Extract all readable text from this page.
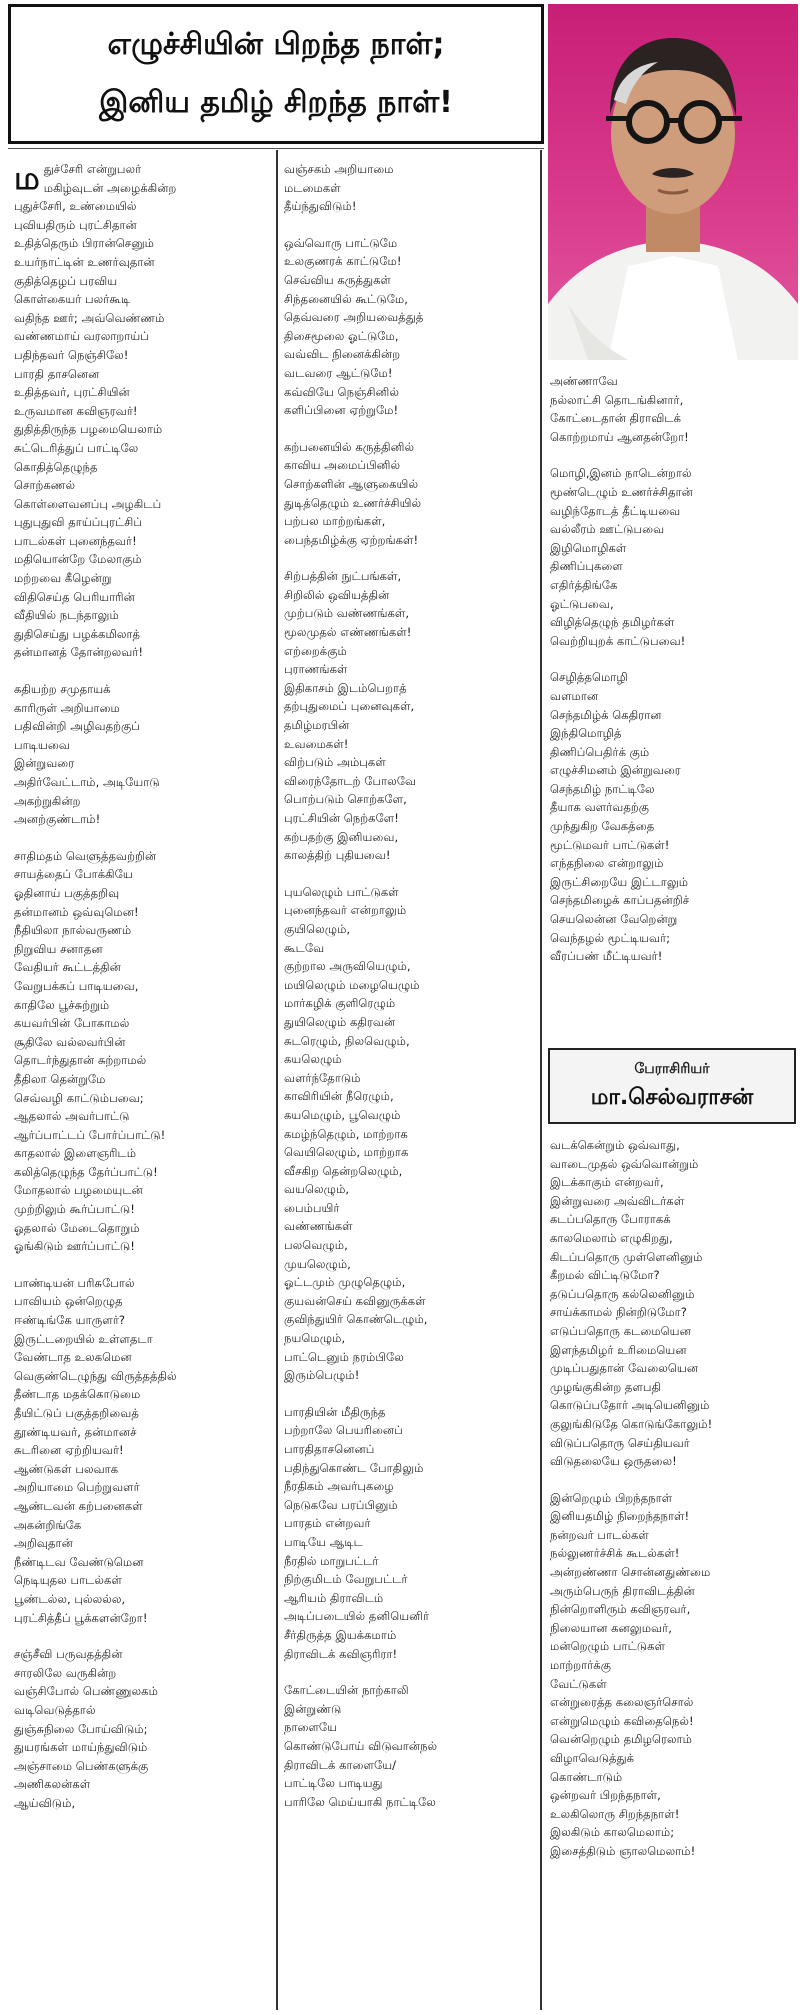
எழுச்சியின் பிறந்த நாள்;
இனிய தமிழ் சிறந்த நாள்!

மதுச்சேரி என்றுபலர்
மகிழ்வுடன் அழைக்கின்ற
புதுச்சேரி, உண்மையில்
புவியதிரும் புரட்சிதான்
உதித்தெரும் பிரான்செனும்
உயர்நாட்டின் உணர்வுதான்
குதித்தெழப் பரவிய
கொள்கையர் பலர்கூடி
வதிந்த ஊர்; அவ்வெண்ணம்
வண்ணமாய் வரலாறாய்ப்
பதிந்தவர் நெஞ்சிலே!
பாரதி தாசனென
உதித்தவர், புரட்சியின்
உருவமான கவிஞரவர்!
துதித்திருந்த பழமையெலாம்
சுட்டெரித்துப் பாட்டிலே
கொதித்தெழுந்த
சொற்கணல்
கொள்ளைவனப்பு அழகிடப்
புதுபுதுவி தாய்ப்புரட்சிப்
பாடல்கள் புனைந்தவர்!
மதியொன்றே மேலாகும்
மற்றவை கீழென்று
விதிசெய்த பெரியாரின்
வீதியில் நடந்தாலும்
துதிசெய்து பழக்கமிலாத்
தன்மானத் தோன்றலவர்!

கதியற்ற சமுதாயக்
காரிருள் அறியாமை
பதிவின்றி அழிவதற்குப்
பாடியவை
இன்றுவரை
அதிர்வேட்டாம், அடியோடு
அகற்றுகின்ற
அனற்குண்டாம்!

சாதிமதம் வெளுத்தவற்றின்
சாயத்தைப் போக்கியே
ஓதினாய் பகுத்தறிவு
தன்மானம் ஒவ்வுமென!
நீதியிலா நால்வருணம்
நிறுவிய சனாதன
வேதியர் கூட்டத்தின்
வேறுபக்கப் பாடியவை,
காதிலே பூச்சுற்றும்
கயவர்பின் போகாமல்
சூதிலே வல்லவர்பின்
தொடர்ந்துதான் சுற்றாமல்
தீதிலா தென்றுமே
செவ்வழி காட்டும்பவை;
ஆதலால் அவர்பாட்டு
ஆர்ப்பாட்டப் போர்ப்பாட்டு!
காதலால் இளைஞரிடம்
கலித்தெழுந்த தேர்ப்பாட்டு!
மோதலால் பழமையுடன்
முற்றிலும் கூர்ப்பாட்டு!
ஓதலால் மேடைதொறும்
ஓங்கிடும் ஊர்ப்பாட்டு!

பாண்டியன் பரிசுபோல்
பாவியம் ஒன்றெழுத
ஈண்டிங்கே யாருளர்?
இருட்டறையில் உள்ளதடா
வேண்டாத உலகமென
வெகுண்டெழுந்து விருத்தத்தில்
தீண்டாத மதக்கொடுமை
தீயிட்டுப் பகுத்தறிவைத்
தூண்டியவர், தன்மானச்
சுடரினை ஏற்றியவர்!
ஆண்டுகள் பலவாக
அறியாமை பெற்றுவளர்
ஆண்டவன் கற்பனைகள்
அகன்றிங்கே
அறிவுதான்
நீண்டிடவ வேண்டுமென
நெடியுதல பாடல்கள்
பூண்டல்ல, புல்லல்ல,
புரட்சித்தீப் பூக்களன்றோ!

சஞ்சீவி பருவதத்தின்
சாரலிலே வருகின்ற
வஞ்சிபோல் பெண்ணுலகம்
வடிவெடுத்தால்
துஞ்சுநிலை போய்விடும்;
துயரங்கள் மாய்ந்துவிடும்
அஞ்சாமை பெண்களுக்கு
அணிகலன்கள்
ஆய்விடும்,

வஞ்சகம் அறியாமை
மடமைகள்
தீய்ந்துவிடும்!

ஒவ்வொரு பாட்டுமே
உலகுணரக் காட்டுமே!
செவ்விய கருத்துகள்
சிந்தனையில் கூட்டுமே,
தெவ்வரை அறியவைத்துத்
திசைமூலை ஓட்டுமே,
வவ்விட நினைக்கின்ற
வடவரை ஆட்டுமே!
கவ்வியே நெஞ்சினில்
களிப்பினை ஏற்றுமே!

கற்பனையில் கருத்தினில்
காவிய அமைப்பினில்
சொற்களின் ஆளுகையில்
துடித்தெழும் உணர்ச்சியில்
பற்பல மாற்றங்கள்,
பைந்தமிழ்க்கு ஏற்றங்கள்!

சிற்பத்தின் நுட்பங்கள்,
சிறிலில் ஒவியத்தின்
முற்படும் வண்ணங்கள்,
மூலமுதல் எண்ணங்கள்!
எற்றைக்கும்
புராணங்கள்
இதிகாசம் இடம்பெறாத்
தற்புதுமைப் புனைவுகள்,
தமிழ்மரபின்
உவமைகள்!
விற்படும் அம்புகள்
விரைந்தோடற் போலவே
பொற்படும் சொற்களே,
புரட்சியின் நெற்களே!
கற்பதற்கு இனியவை,
காலத்திற் புதியவை!

புயலெழும் பாட்டுகள்
புனைந்தவர் என்றாலும்
குயிலெழும்,
கூடவே
குற்றால அருவியெழும்,
மயிலெழும் மழையெழும்
மார்கழிக் குளிரெழும்
துயிலெழும் கதிரவன்
சுடரெழும், நிலவெழும்,
கயலெழும்
வளர்ந்தோடும்
காவிரியின் நீரெழும்,
கயமெழும், பூவெழும்
கமழ்ந்தெழும், மாற்றாக
வெயிலெழும், மாற்றாக
வீசகிற தென்றலெழும்,
வயலெழும்,
பைம்பயிர்
வண்ணங்கள்
பலவெழும்,
முயலெழும்,
ஓட்டமும் முழுதெழும்,
குயவன்செய் கவினுருக்கள்
குவிந்துயிர் கொண்டெழும்,
நயமெழும்,
பாட்டெனும் நரம்பிலே
இரும்பெழும்!

பாரதியின் மீதிருந்த
பற்றாலே பெயரினைப்
பாரதிதாசனெனப்
பதிந்துகொண்ட போதிலும்
நீரதிகம் அவர்புகழை
நெடுகவே பரப்பினும்
பாரதம் என்றவர்
பாடியே ஆடிட
நீரதில் மாறுபட்டர்
நிற்குமிடம் வேறுபட்டர்
ஆரியம் திராவிடம்
அடிப்படையில் தனியெனிர்
சீர்திருத்த இயக்கமாம்
திராவிடக் கவிஞரிரா!

கோட்டையின் நாற்காலி
இன்றுண்டு
நாளையே
கொண்டுபோய் விடுவான்நல்
திராவிடக் காளையே/
பாட்டிலே பாடியது
பாரிலே மெய்யாகி நாட்டிலே

அண்ணாவே
நல்லாட்சி தொடங்கினார்,
கோட்டைதான் திராவிடக்
கொற்றமாய் ஆனதன்றோ!

மொழி,இனம் நாடென்றால்
மூண்டெழும் உணர்ச்சிதான்
வழிந்தோடத் தீட்டியவை
வல்லீரம் ஊட்டுபவை
இழிமொழிகள்
திணிப்புகளை
எதிர்த்திங்கே
ஓட்டுபவை,
விழித்தெழுந் தமிழர்கள்
வெற்றியுறக் காட்டுபவை!

செழித்தமொழி
வளமான
செந்தமிழ்க் கெதிரான
இந்திமொழித்
திணிப்பெதிர்க் கும்
எழுச்சிமனம் இன்றுவரை
செந்தமிழ் நாட்டிலே
தீயாக வளர்வதற்கு
முந்துகிற வேகத்தை
மூட்டுமவர் பாட்டுகள்!
எந்தநிலை என்றாலும்
இருட்சிறையே இட்டாலும்
செந்தமிழைக் காப்பதன்றிச்
செயலென்ன வேறென்று
வெந்தழல் மூட்டியவர்;
வீரப்பண் மீட்டியவர்!

பேராசிரியர்
மா.செல்வராசன்

வடக்கென்றும் ஒவ்வாது,
வாடைமுதல் ஒவ்வொன்றும்
இடக்காகும் என்றவர்,
இன்றுவரை அவ்விடர்கள்
கடப்பதொரு போராகக்
காலமெலாம் எழுகிறது,
கிடப்பதொரு முள்ளெனினும்
கீறமல் விட்டிடுமோ?
தடுப்பதொரு கல்லெனினும்
சாய்க்காமல் நின்றிடுமோ?
எடுப்பதொரு கடமையென
இளந்தமிழர் உரிமையென
முடிப்பதுதான் வேலையென
முழங்குகின்ற தளபதி
கொடுப்பதோர் அடியெனினும்
குலுங்கிடுதே கொடுங்கோலும்!
விடுப்பதொரு செய்தியவர்
விடுதலையே ஒருதலை!

இன்றெழும் பிறந்தநாள்
இனியதமிழ் நிறைந்தநாள்!
நன்றவர் பாடல்கள்
நல்லுணர்ச்சிக் கூடல்கள்!
அன்றண்ணா சொன்னதுண்மை
அரும்பெருந் திராவிடத்தின்
நின்றொளிரும் கவிஞரவர்,
நிலையான கனலுமவர்,
மன்றெழும் பாட்டுகள்
மாற்றார்க்கு
வேட்டுகள்
என்றுரைத்த கலைஞர்சொல்
என்றுமெழும் கவிதைநெல்!
வென்றெழும் தமிழரெலாம்
விழாவெடுத்துக்
கொண்டாடும்
ஒன்றவர் பிறந்தநாள்,
உலகிலொரு சிறந்தநாள்!
இலகிடும் காலமெலாம்;
இசைத்திடும் ஞாலமெலாம்!
